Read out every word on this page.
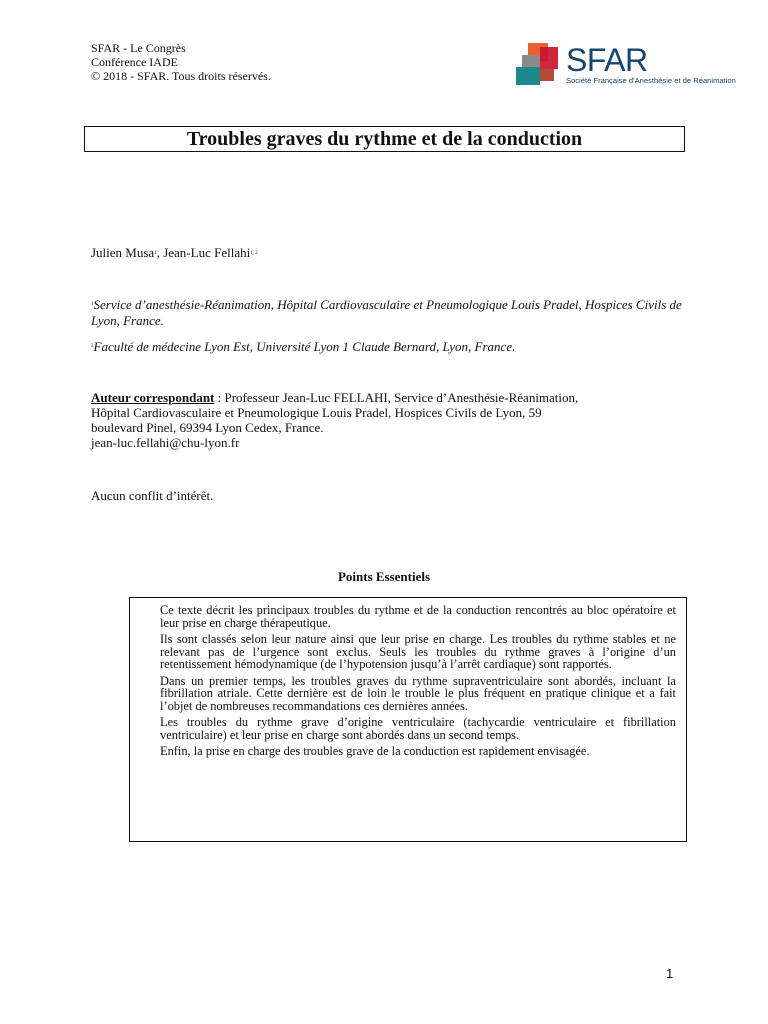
SFAR - Le Congrès
Conférence IADE
© 2018 - SFAR. Tous droits réservés.	SFAR
Société Française d'Anesthésie et de Réanimation
Troubles graves du rythme et de la conduction
Julien Musa$^1$, Jean-Luc Fellahi$^{1, 2}$
$^1$Service d’anesthésie-Réanimation, Hôpital Cardiovasculaire et Pneumologique Louis Pradel, Hospices Civils de Lyon, France.
$^2$Faculté de médecine Lyon Est, Université Lyon 1 Claude Bernard, Lyon, France.
Auteur correspondant : Professeur Jean-Luc FELLAHI, Service d’Anesthésie-Réanimation,
Hôpital Cardiovasculaire et Pneumologique Louis Pradel, Hospices Civils de Lyon, 59
boulevard Pinel, 69394 Lyon Cedex, France.
jean-luc.fellahi@chu-lyon.fr
Aucun conflit d’intérêt.
Points Essentiels

Ce texte décrit les principaux troubles du rythme et de la conduction rencontrés au bloc opératoire et leur prise en charge thérapeutique.

Ils sont classés selon leur nature ainsi que leur prise en charge. Les troubles du rythme stables et ne relevant pas de l’urgence sont exclus. Seuls les troubles du rythme graves à l’origine d’un retentissement hémodynamique (de l’hypotension jusqu’à l’arrêt cardiaque) sont rapportés.

Dans un premier temps, les troubles graves du rythme supraventriculaire sont abordés, incluant la fibrillation atriale. Cette dernière est de loin le trouble le plus fréquent en pratique clinique et a fait l’objet de nombreuses recommandations ces dernières années.

Les troubles du rythme grave d’origine ventriculaire (tachycardie ventriculaire et fibrillation ventriculaire) et leur prise en charge sont abordés dans un second temps.

Enfin, la prise en charge des troubles grave de la conduction est rapidement envisagée.

1
